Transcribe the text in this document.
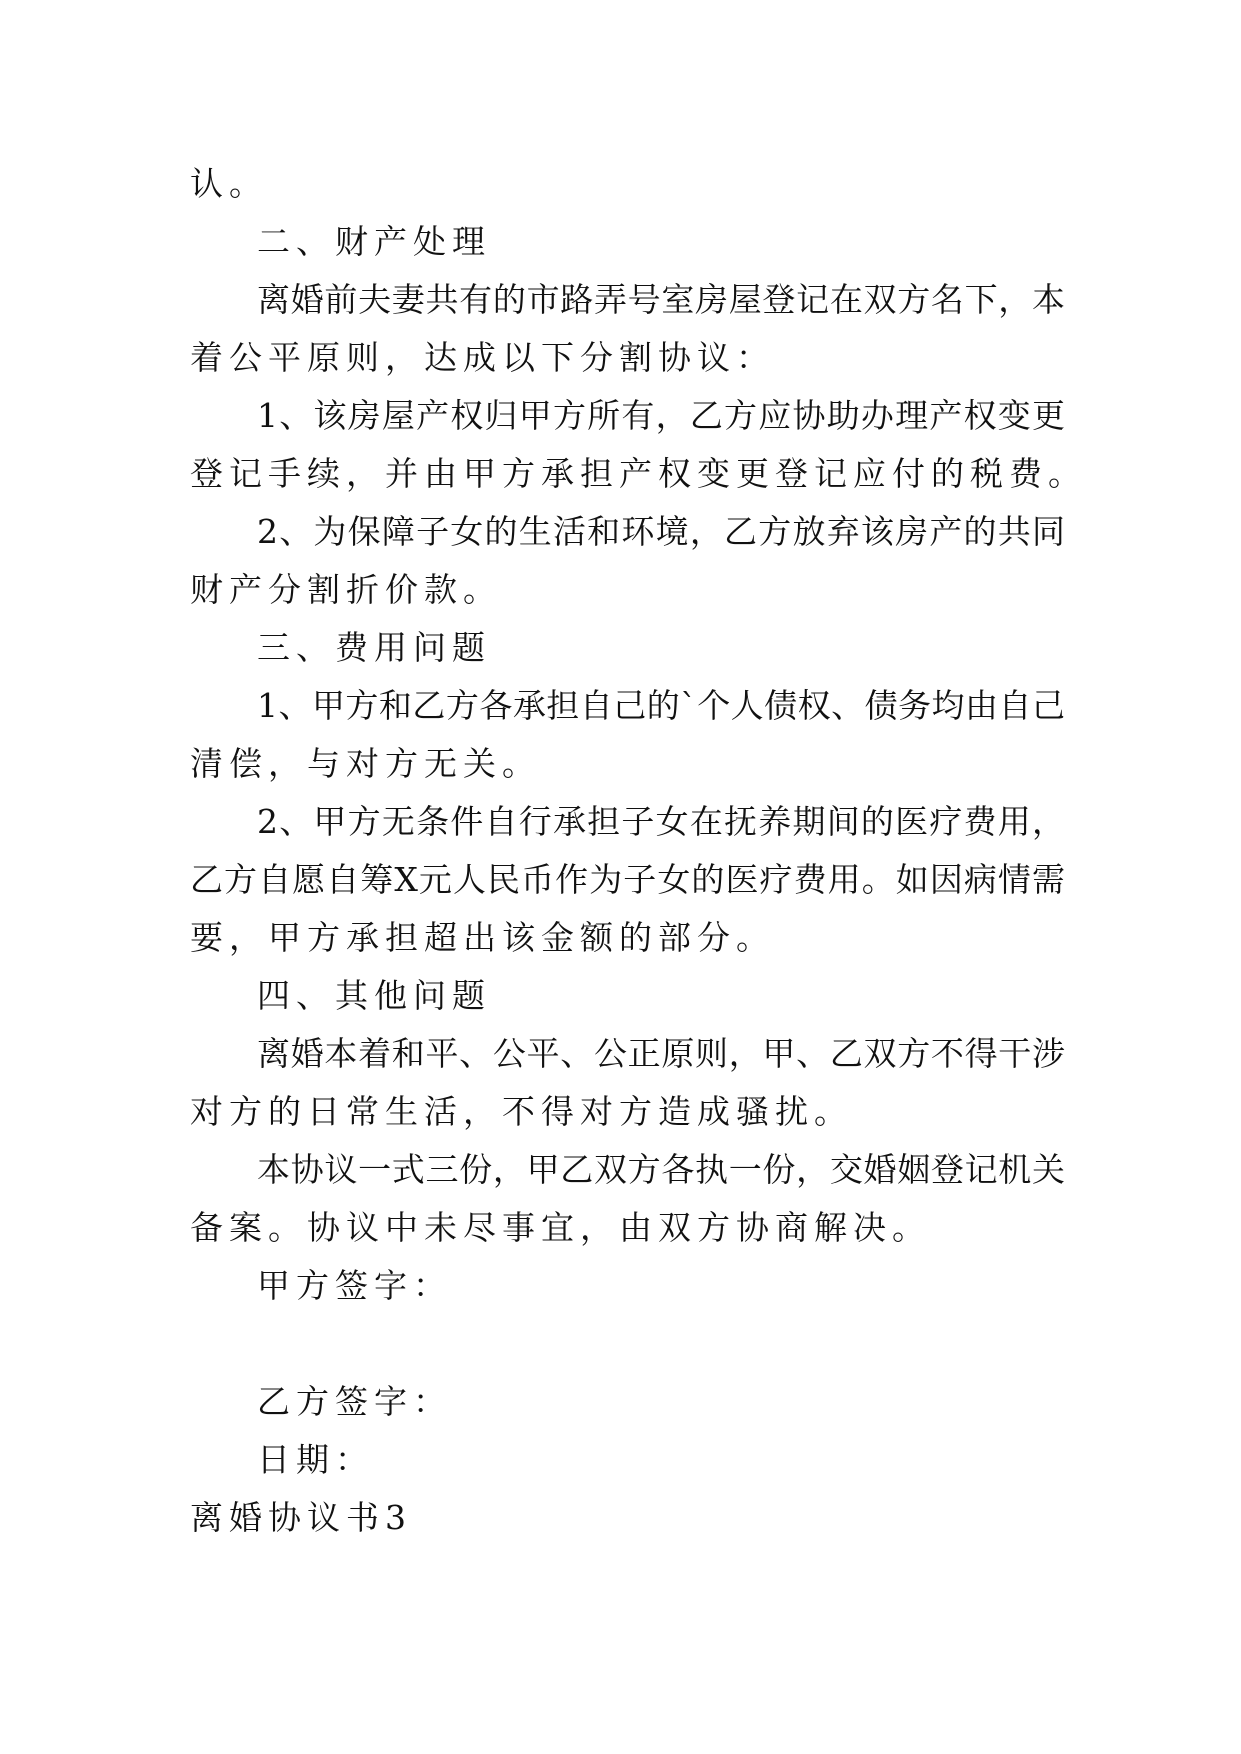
认。
二、财产处理
离婚前夫妻共有的市路弄号室房屋登记在双方名下，本
着公平原则，达成以下分割协议：
1、该房屋产权归甲方所有，乙方应协助办理产权变更
登记手续，并由甲方承担产权变更登记应付的税费。
2、为保障子女的生活和环境，乙方放弃该房产的共同
财产分割折价款。
三、费用问题
1、甲方和乙方各承担自己的`个人债权、债务均由自己
清偿，与对方无关。
2、甲方无条件自行承担子女在抚养期间的医疗费用，
乙方自愿自筹X元人民币作为子女的医疗费用。如因病情需
要，甲方承担超出该金额的部分。
四、其他问题
离婚本着和平、公平、公正原则，甲、乙双方不得干涉
对方的日常生活，不得对方造成骚扰。
本协议一式三份，甲乙双方各执一份，交婚姻登记机关
备案。协议中未尽事宜，由双方协商解决。
甲方签字：
乙方签字：
日期：
离婚协议书3
